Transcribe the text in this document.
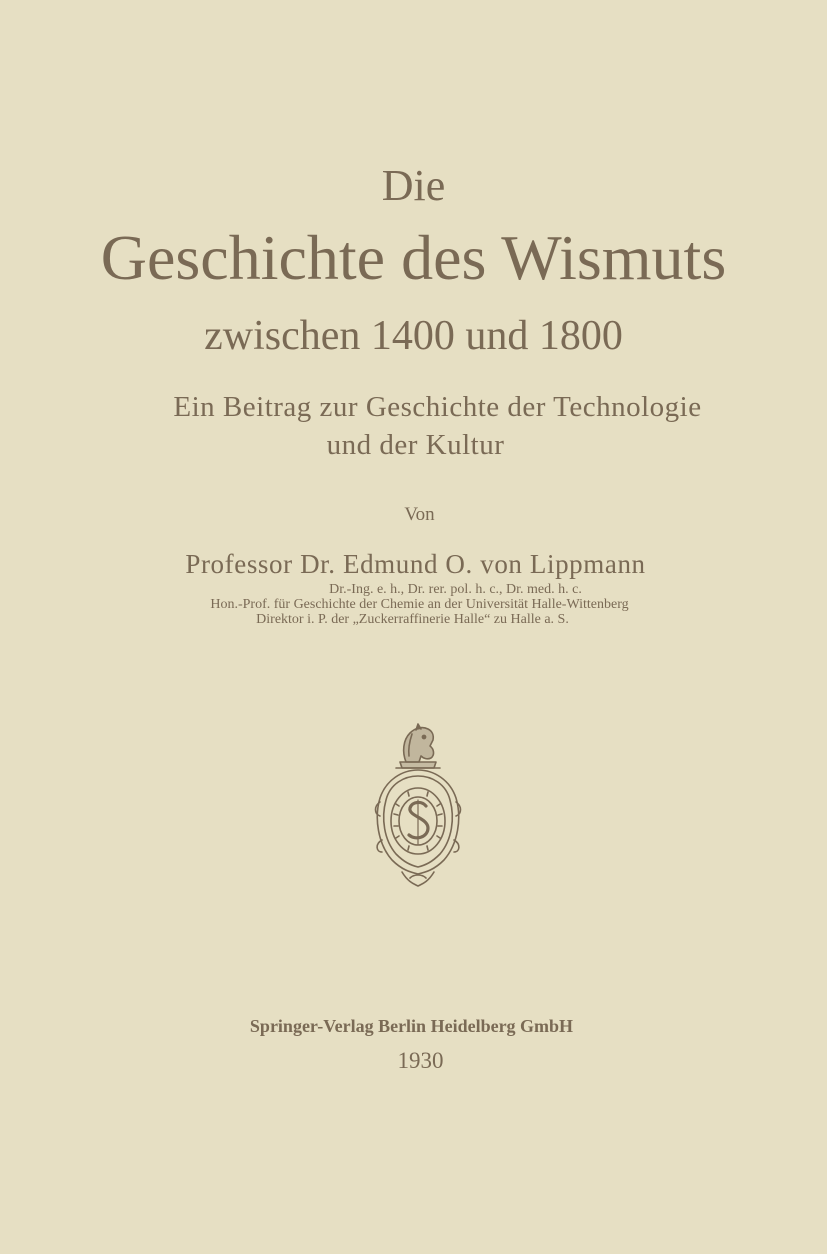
Die

Geschichte des Wismuts

zwischen 1400 und 1800

Ein Beitrag zur Geschichte der Technologie

und der Kultur

Von

Professor Dr. Edmund O. von Lippmann

Dr.-Ing. e. h., Dr. rer. pol. h. c., Dr. med. h. c.

Hon.-Prof. für Geschichte der Chemie an der Universität Halle-Wittenberg

Direktor i. P. der „Zuckerraffinerie Halle“ zu Halle a. S.

Springer-Verlag Berlin Heidelberg GmbH

1930
